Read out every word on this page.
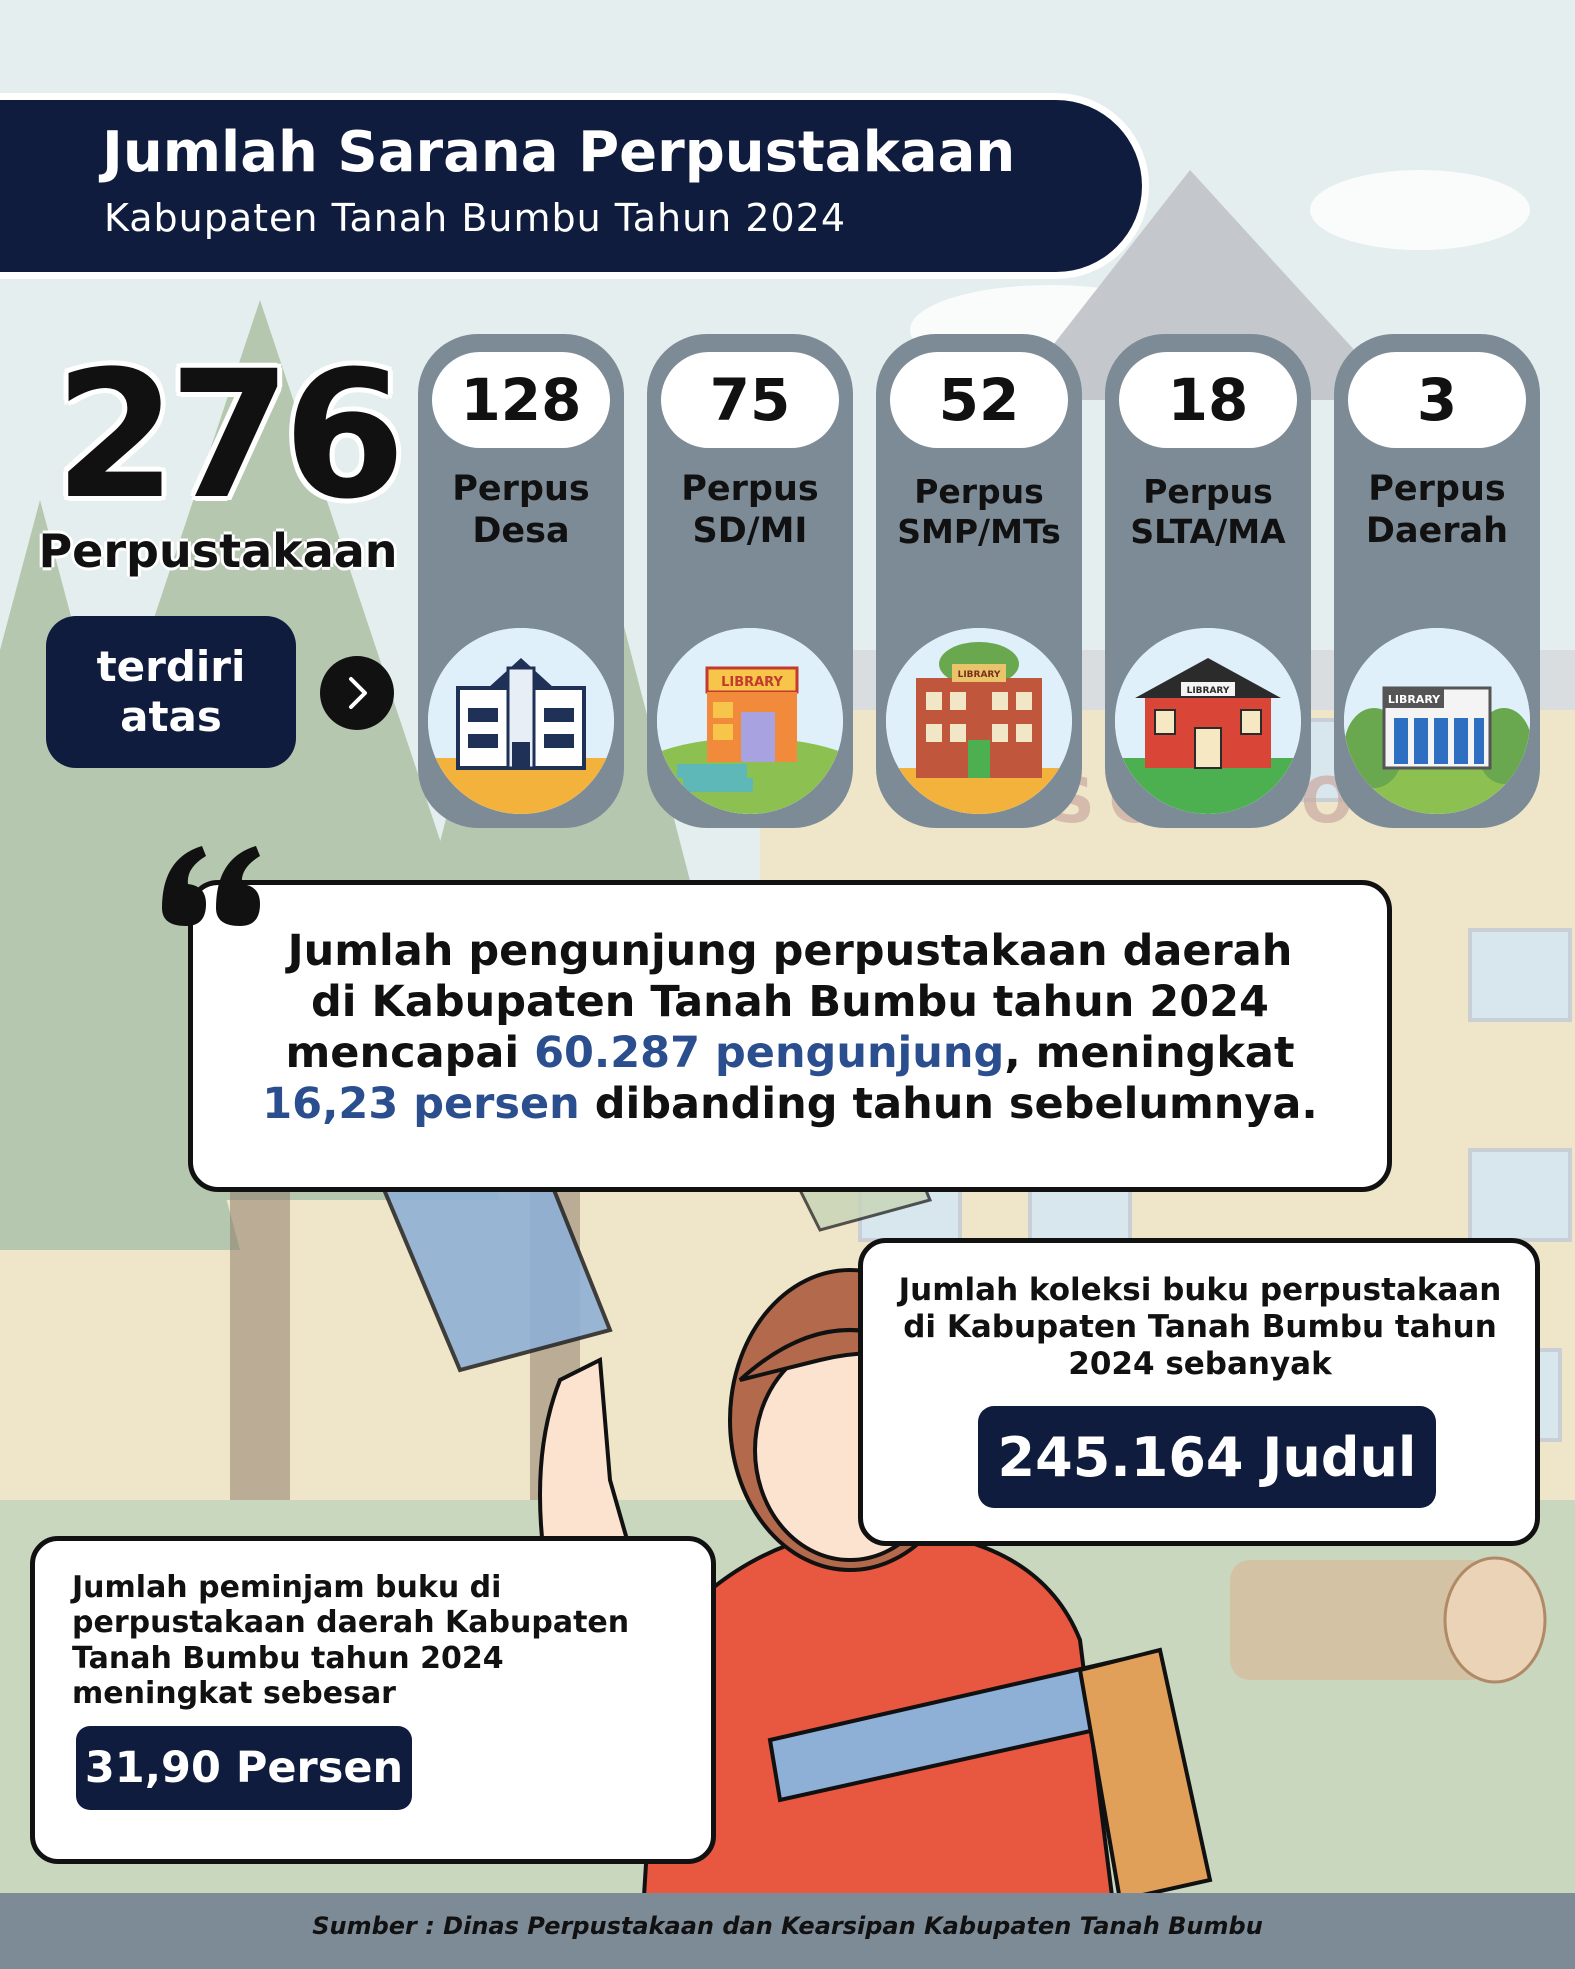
Jumlah Sarana Perpustakaan
Kabupaten Tanah Bumbu Tahun 2024
276
Perpustakaan
terdiri atas
128
Perpus
Desa
75
Perpus
SD/MI
LIBRARY
52
Perpus
SMP/MTs
LIBRARY
18
Perpus
SLTA/MA
LIBRARY
3
Perpus
Daerah
LIBRARY
Jumlah pengunjung perpustakaan daerah
di Kabupaten Tanah Bumbu tahun 2024
mencapai 60.287 pengunjung, meningkat
16,23 persen dibanding tahun sebelumnya.
Jumlah koleksi buku perpustakaan di Kabupaten Tanah Bumbu tahun 2024 sebanyak
245.164 Judul
Jumlah peminjam buku di perpustakaan daerah Kabupaten Tanah Bumbu tahun 2024 meningkat sebesar
31,90 Persen
Sumber : Dinas Perpustakaan dan Kearsipan Kabupaten Tanah Bumbu
